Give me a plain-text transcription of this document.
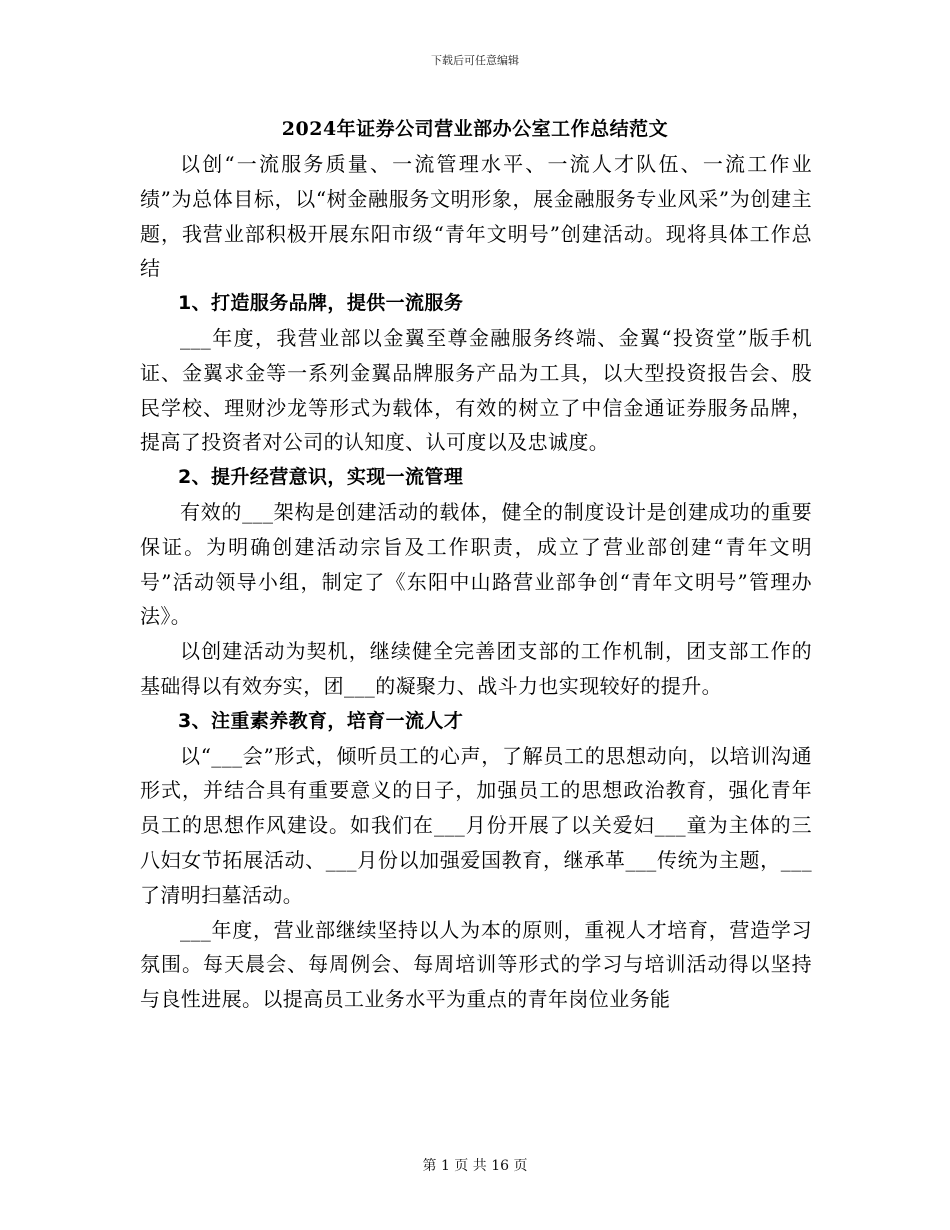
下载后可任意编辑
2024年证券公司营业部办公室工作总结范文

以创“一流服务质量、一流管理水平、一流人才队伍、一流工作业绩”为总体目标，以“树金融服务文明形象，展金融服务专业风采”为创建主题，我营业部积极开展东阳市级“青年文明号”创建活动。现将具体工作总结

1、打造服务品牌，提供一流服务

___年度，我营业部以金翼至尊金融服务终端、金翼“投资堂”版手机证、金翼求金等一系列金翼品牌服务产品为工具，以大型投资报告会、股民学校、理财沙龙等形式为载体，有效的树立了中信金通证券服务品牌，提高了投资者对公司的认知度、认可度以及忠诚度。

2、提升经营意识，实现一流管理

有效的___架构是创建活动的载体，健全的制度设计是创建成功的重要保证。为明确创建活动宗旨及工作职责，成立了营业部创建“青年文明号”活动领导小组，制定了《东阳中山路营业部争创“青年文明号”管理办法》。

以创建活动为契机，继续健全完善团支部的工作机制，团支部工作的基础得以有效夯实，团___的凝聚力、战斗力也实现较好的提升。

3、注重素养教育，培育一流人才

以“___会”形式，倾听员工的心声，了解员工的思想动向，以培训沟通形式，并结合具有重要意义的日子，加强员工的思想政治教育，强化青年员工的思想作风建设。如我们在___月份开展了以关爱妇___童为主体的三八妇女节拓展活动、___月份以加强爱国教育，继承革___传统为主题，___了清明扫墓活动。

___年度，营业部继续坚持以人为本的原则，重视人才培育，营造学习氛围。每天晨会、每周例会、每周培训等形式的学习与培训活动得以坚持与良性进展。以提高员工业务水平为重点的青年岗位业务能

第 1 页 共 16 页
